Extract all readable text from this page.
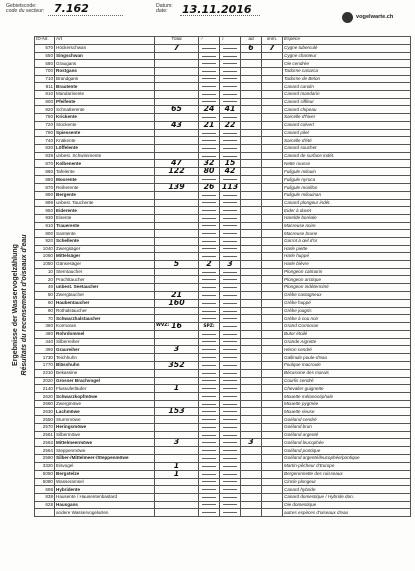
Gebietscode:
code du secteur: 7.162	Datum:
date:	13.11.2016
vogelwarte.ch
Ergebnisse der Wasservogelzählung Résultats du recensement d'oiseaux d'eau
ID-Nr.	Art	Total	♂	♀	ad	imm.	Espèce
570	Höckerschwan	7			6	7	Cygne tuberculé
550	Singschwan						Cygne chanteur
580	Graugans						Oie cendrée
700	Rostgans						Tadorne casarca
710	Brandgans						Tadorne de Belon
811	Brautente						Canard carolin
810	Mandarinente						Canard mandarin
800	Pfeifente						Canard siffleur
820	Schnatterente	65	24	41			Canard chipeau
750	Krickente						Sarcelle d'hiver
720	Stockente	43	21	22			Canard colvert
790	Spiessente						Canard pilet
740	Knäkente						Sarcelle d'été
830	Löffelente						Canard souchet
839	unbest. Schwimmente						Canard de surface indét.
870	Kolbenente	47	32	15			Nette rousse
860	Tafelente	122	80	42			Fuligule milouin
880	Moorente						Fuligule nyroca
870	Reiherente	139	26	113			Fuligule morillon
890	Bergente						Fuligule milouinan
899	unbest. Tauchente						Canard plongeur indét.
950	Eiderente						Eider à duvet
930	Eisente						Harelde boréale
910	Trauerente						Macreuse noire
900	Samtente						Macreuse brune
920	Schellente						Garrot à œil d'or
1040	Zwergsäger						Harle piette
1060	Mittelsäger						Harle huppé
1050	Gänsesäger	5	2	3			Harle bièvre
10	Sterntaucher						Plongeon catmarin
20	Prachttaucher						Plongeon arctique
49	unbest. Seetaucher						Plongeon indéterminé
50	Zwergtaucher	21					Grèbe castagneux
60	Haubentaucher	160					Grèbe huppé
90	Rothalstaucher						Grèbe jougris
70	Schwarzhalstaucher						Grèbe à cou noir
360	Kormoran	WVZ: 16	SPZ:				Grand Cormoran
480	Rohrdommel						Butor étoilé
440	Silberreiher						Grande Aigrette
390	Graureiher	3					Héron cendré
1730	Teichhuhn						Gallinule poule-d'eau
1770	Blässhuhn	352					Foulque macroule
2210	Bekassine						Bécassine des marais
2020	Grosser Brachvogel						Courlis cendré
2140	Flussuferläufer	1					Chevalier guignette
2620	Schwarzkopfmöwe						Mouette mélanocéphale
2660	Zwergmöwe						Mouette pygmée
2630	Lachmöwe	153					Mouette rieuse
2550	Sturmmöwe						Goéland cendré
2570	Heringsmöwe						Goéland brun
2561	Silbermöwe						Goéland argenté
2563	Mittelmeermöwe	3			3		Goéland leucophée
2564	Steppenmöwe						Goéland pontique
2560	Silber-/Mittelmeer-/Steppenmöwe						Goéland argenté/leucophée/pontique
3320	Eisvogel	1					Martin-pêcheur d'Europe
5050	Bergstelze	1					Bergeronnette des ruisseaux
5080	Wasseramsel						Cincle plongeur
698	Hybridente						Canard hybride
838	Hausente / Hausentenbastard						Canard domestique / Hybride don.
628	Hausgans						Oie domestique
	andere Wasservogelarten						autres espèces d'oiseaux d'eau
